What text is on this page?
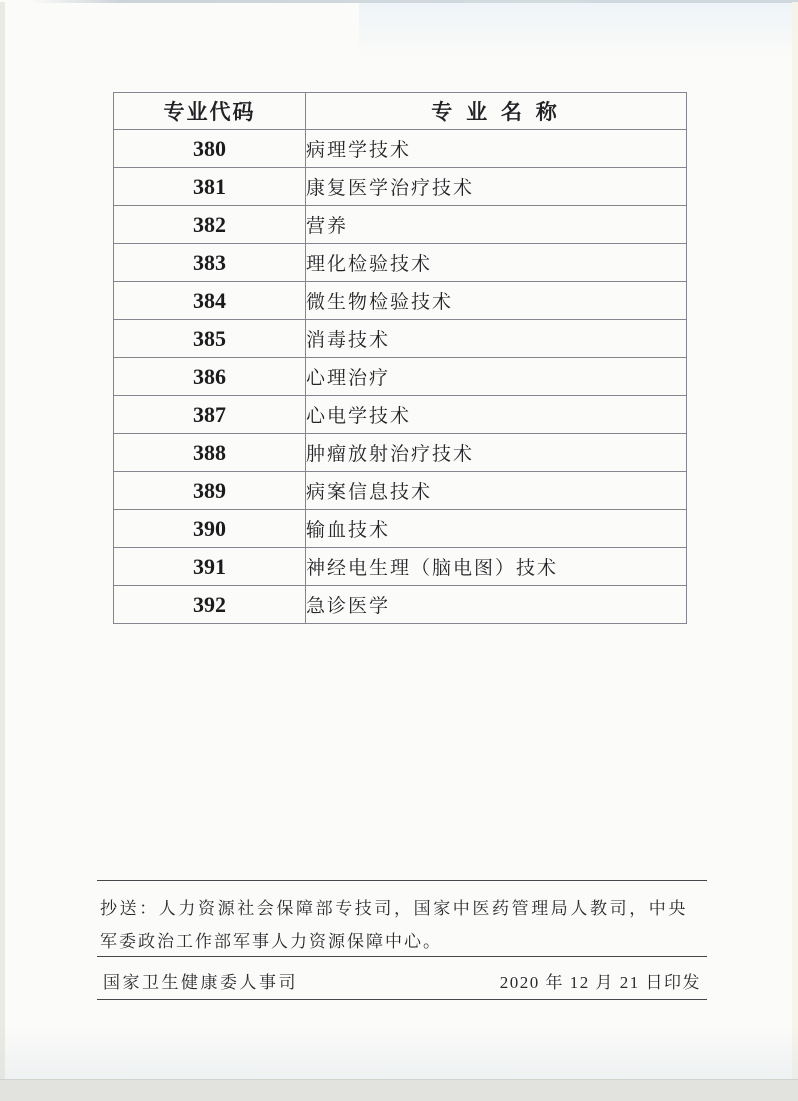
专业代码	专 业 名 称
380	病理学技术
381	康复医学治疗技术
382	营养
383	理化检验技术
384	微生物检验技术
385	消毒技术
386	心理治疗
387	心电学技术
388	肿瘤放射治疗技术
389	病案信息技术
390	输血技术
391	神经电生理（脑电图）技术
392	急诊医学
抄送：人力资源社会保障部专技司，国家中医药管理局人教司，中央
军委政治工作部军事人力资源保障中心。
国家卫生健康委人事司	2020 年 12 月 21 日印发
